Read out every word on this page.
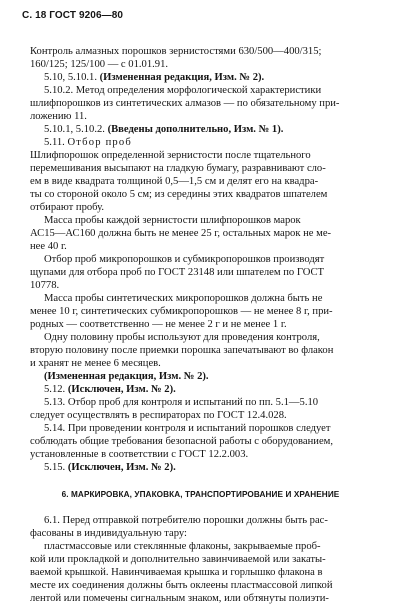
С. 18 ГОСТ 9206—80
Контроль алмазных порошков зернистостями 630/500—400/315;
160/125; 125/100 — с 01.01.91.
5.10, 5.10.1. (Измененная редакция, Изм. № 2).
5.10.2. Метод определения морфологической характеристики
шлифпорошков из синтетических алмазов — по обязательному при-
ложению 11.
5.10.1, 5.10.2. (Введены дополнительно, Изм. № 1).
5.11. Отбор проб
Шлифпорошок определенной зернистости после тщательного
перемешивания высыпают на гладкую бумагу, разравнивают сло-
ем в виде квадрата толщиной 0,5—1,5 см и делят его на квадра-
ты со стороной около 5 см; из середины этих квадратов шпателем
отбирают пробу.
Масса пробы каждой зернистости шлифпорошков марок
АС15—АС160 должна быть не менее 25 г, остальных марок не ме-
нее 40 г.
Отбор проб микропорошков и субмикропорошков производят
щупами для отбора проб по ГОСТ 23148 или шпателем по ГОСТ
10778.
Масса пробы синтетических микропорошков должна быть не
менее 10 г, синтетических субмикропорошков — не менее 8 г, при-
родных — соответственно — не менее 2 г и не менее 1 г.
Одну половину пробы используют для проведения контроля,
вторую половину после приемки порошка запечатывают во флакон
и хранят не менее 6 месяцев.
(Измененная редакция, Изм. № 2).
5.12. (Исключен, Изм. № 2).
5.13. Отбор проб для контроля и испытаний по пп. 5.1—5.10
следует осуществлять в респираторах по ГОСТ 12.4.028.
5.14. При проведении контроля и испытаний порошков следует
соблюдать общие требования безопасной работы с оборудованием,
установленные в соответствии с ГОСТ 12.2.003.
5.15. (Исключен, Изм. № 2).
6.1. Перед отправкой потребителю порошки должны быть рас-
фасованы в индивидуальную тару:
пластмассовые или стеклянные флаконы, закрываемые проб-
кой или прокладкой и дополнительно завинчиваемой или закаты-
ваемой крышкой. Навинчиваемая крышка и горлышко флакона в
месте их соединения должны быть оклеены пластмассовой липкой
лентой или помечены сигнальным знаком, или обтянуты полиэти-
6. МАРКИРОВКА, УПАКОВКА, ТРАНСПОРТИРОВАНИЕ И ХРАНЕНИЕ
